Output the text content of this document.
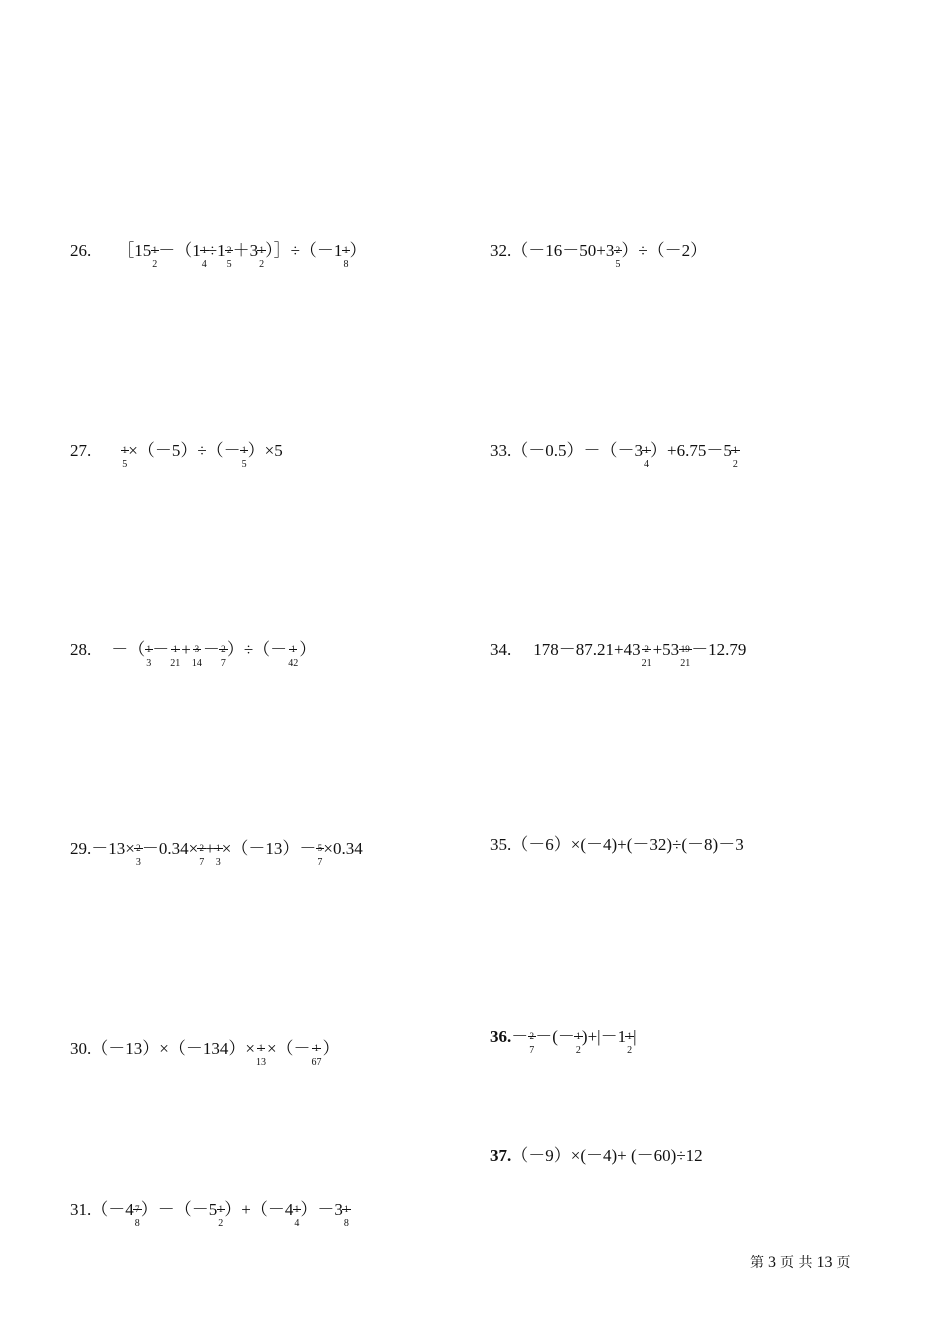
26. ［15 1
2
－（1 1
4
÷1 2
5
＋3 1
2
）］÷（－1 1
8
）	32. （－16－50+3 2
5
）÷（－2）
27.	1
5
×（－5）÷（－ 1
5
）×5	33. （－0.5）－（－3 1
4
）+6.75－5 1
2
28. －（ 1
3
－ 1
21
+ 3
14
－ 2
7
）÷（－ 1
42
）	34. 178－87.21+43 2
21
+53 19
21
－12.79
29. －13× 2
3
－0.34× 2
7
+ 1
3
×（－13）－ 5
7
×0.34	35. （－6）×(－4)+(－32)÷(－8)－3
30. （－13）×（－134）× 1
13
×（－ 1
67
）
36. － 2
7
－(－ 1
2
)+|－1 1
2
|
37. （－9）×(－4)+ (－60)÷12
31. （－4 7
8
）－（－5 1
2
）+（－4 1
4
）－3 1
8
第 3 页 共 13 页
